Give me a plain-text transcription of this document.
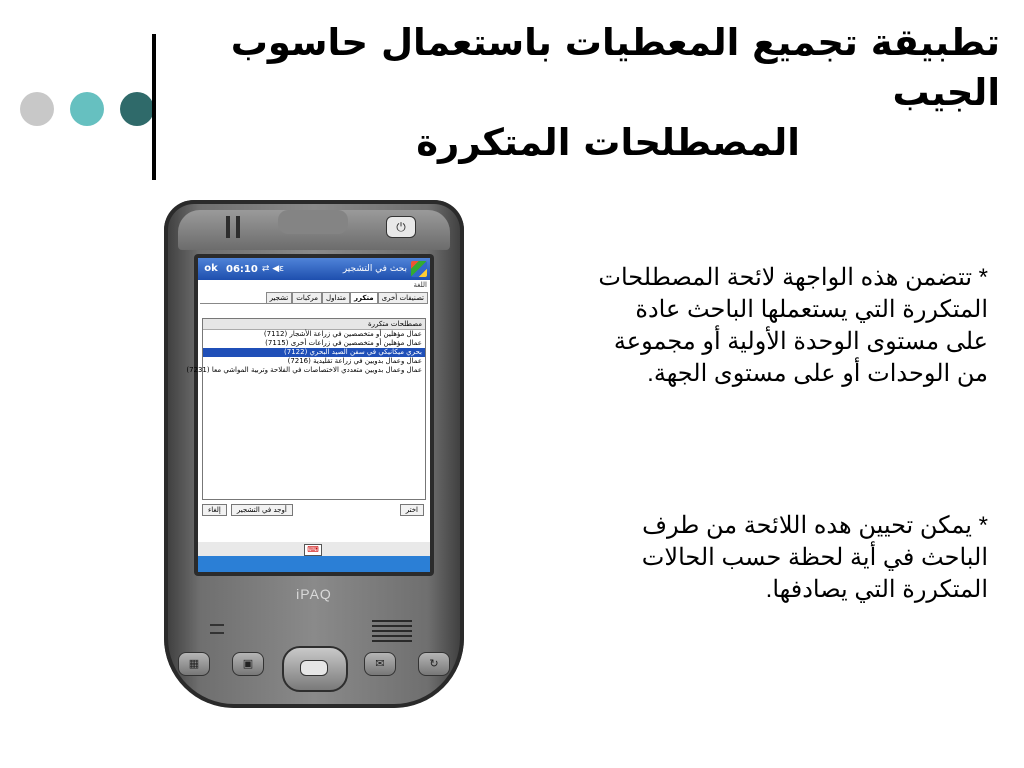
تطبيقة تجميع المعطيات باستعمال حاسوب الجيب
المصطلحات المتكررة
⏻
ok 06:10 ⇄ ◀ε	بحث في التشجير
اللغة
تصنيفات أخرى
متكرر
متداول
مركبات
تشجير
مصطلحات متكررة
عمال مؤهلين أو متخصصين في زراعة الأشجار (7112)
عمال مؤهلين أو متخصصين في زراعات أخرى (7115)
بحري ميكانيكي في سفن الصيد البحري (7122)
عمال وعمال بدويين في زراعة تقليدية (7216)
عمال وعمال بدويين متعددي الاختصاصات في الفلاحة وتربية المواشي معا (7231)
اختر
أوجد في التشجير
إلغاء
⌨
iPAQ
▦	▣	✉	↻
* تتضمن هذه الواجهة لائحة المصطلحات المتكررة التي يستعملها الباحث عادة على مستوى الوحدة الأولية أو مجموعة من الوحدات أو على مستوى الجهة.
* يمكن تحيين هده اللائحة من طرف الباحث في أية لحظة حسب الحالات المتكررة التي يصادفها.
